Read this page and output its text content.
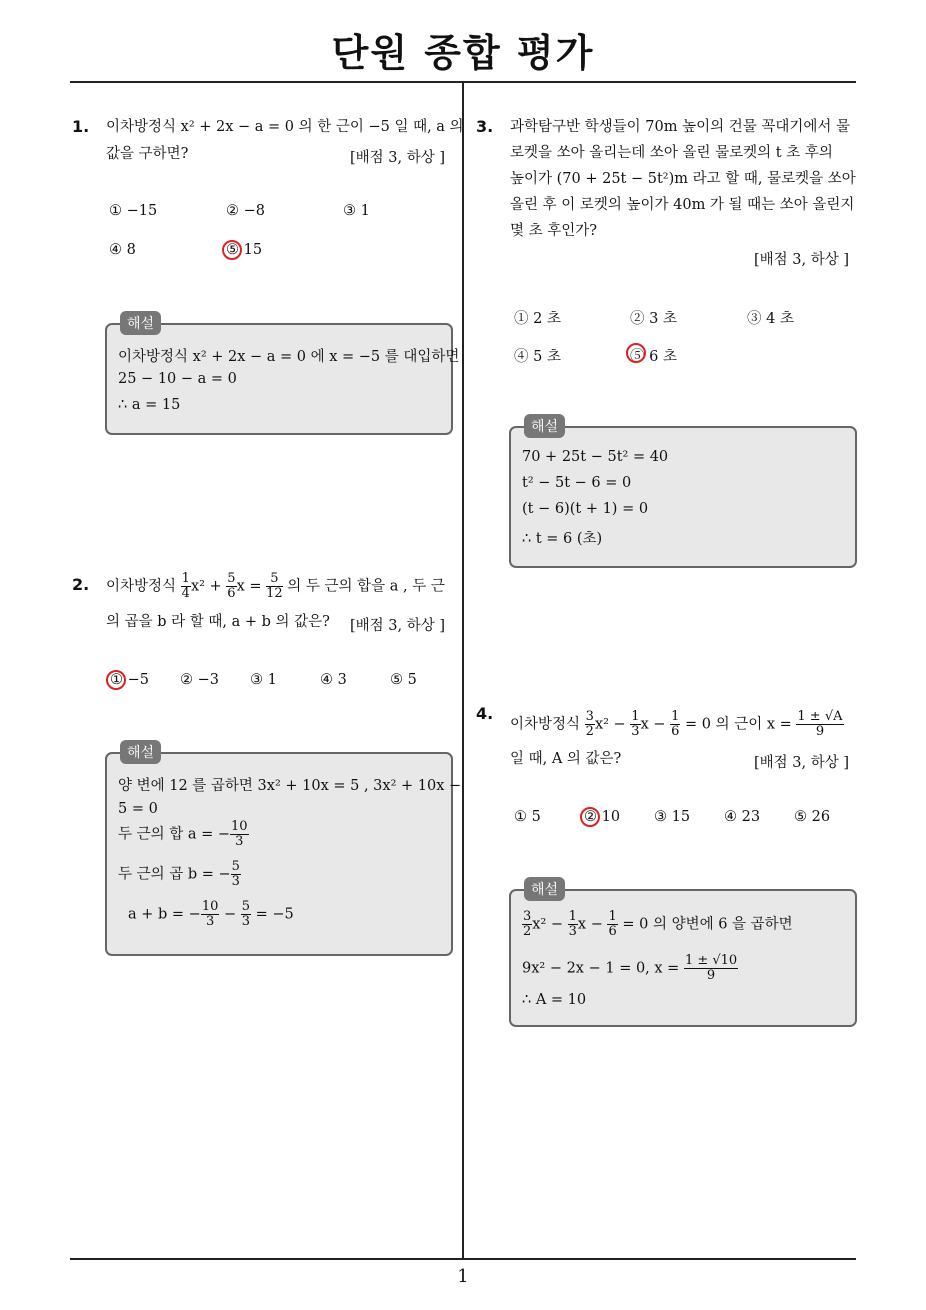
단원 종합 평가
1
1. 이차방정식 x² + 2x − a = 0 의 한 근이 −5 일 때, a 의
값을 구하면?	[배점 3, 하상 ]
① −15	② −8	③ 1
④ 8	⑤ 15
해설
이차방정식 x² + 2x − a = 0 에 x = −5 를 대입하면
25 − 10 − a = 0
∴ a = 15
2. 이차방정식 $\frac{1}{4} x^2 + \frac{5}{6}$ $x = \frac{5}{12}$ 의 두 근의 합을 a , 두 근
의 곱을 b 라 할 때, a + b 의 값은? [배점 3, 하상 ]
① −5 ② −3 ③ 1	④ 3	⑤ 5
해설
양 변에 12 를 곱하면 3x² + 10x = 5 , 3x² + 10x −
5 = 0
두 근의 합 a = − $\frac{10}{3}$
두 근의 곱 b = − $\frac{5}{3}$
a + b = − $\frac{10}{3} - \frac{5}{3} = -5$
3. 과학탐구반 학생들이 70m 높이의 건물 꼭대기에서 물
로켓을 쏘아 올리는데 쏘아 올린 물로켓의 t 초 후의
높이가 (70 + 25t − 5t²)m 라고 할 때, 물로켓을 쏘아
올린 후 이 로켓의 높이가 40m 가 될 때는 쏘아 올린지
몇 초 후인가?
[배점 3, 하상 ]
① 2 초	② 3 초	③ 4 초
④ 5 초	⑤ 6 초
해설
70 + 25t − 5t² = 40
t² − 5t − 6 = 0
(t − 6)(t + 1) = 0
∴ t = 6 (초)
4.
이차방정식 $\frac{3}{2} x^2 - \frac{1}{3}$ $x - \frac{1}{6} = 0$ 의 근이 $x = \frac{1 \pm √A}{9}$
일 때, A 의 값은?	[배점 3, 하상 ]
① 5	② 10 ③ 15 ④ 23 ⑤ 26
해설
$\frac{3}{2} x^2 - \frac{1}{3}$ $x - \frac{1}{6} = 0$ 의 양변에 6 을 곱하면
9x² − 2x − 1 = 0, $x = \frac{1 \pm √10}{9}$
∴ A = 10
